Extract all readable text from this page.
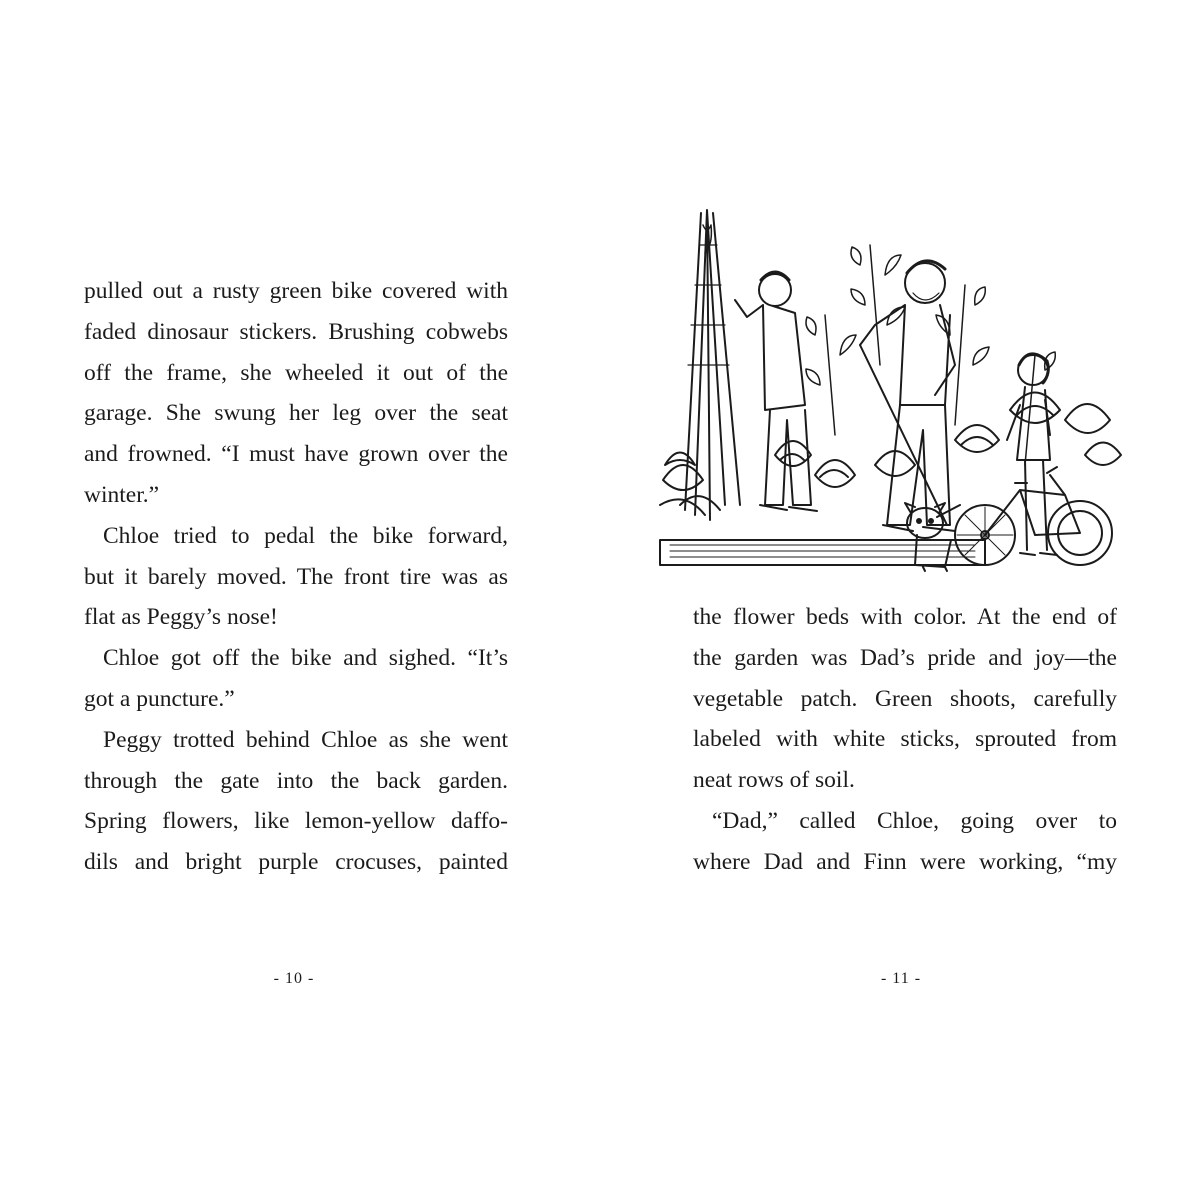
pulled out a rusty green bike covered with
faded dinosaur stickers. Brushing cobwebs
off the frame, she wheeled it out of the
garage. She swung her leg over the seat
and frowned. “I must have grown over the
winter.”
Chloe tried to pedal the bike forward,
but it barely moved. The front tire was as
flat as Peggy’s nose!
Chloe got off the bike and sighed. “It’s
got a puncture.”
Peggy trotted behind Chloe as she went
through the gate into the back garden.
Spring flowers, like lemon-yellow daffo-
dils and bright purple crocuses, painted
- 10 -
the flower beds with color. At the end of
the garden was Dad’s pride and joy—the
vegetable patch. Green shoots, carefully
labeled with white sticks, sprouted from
neat rows of soil.
“Dad,” called Chloe, going over to
where Dad and Finn were working, “my
- 11 -
